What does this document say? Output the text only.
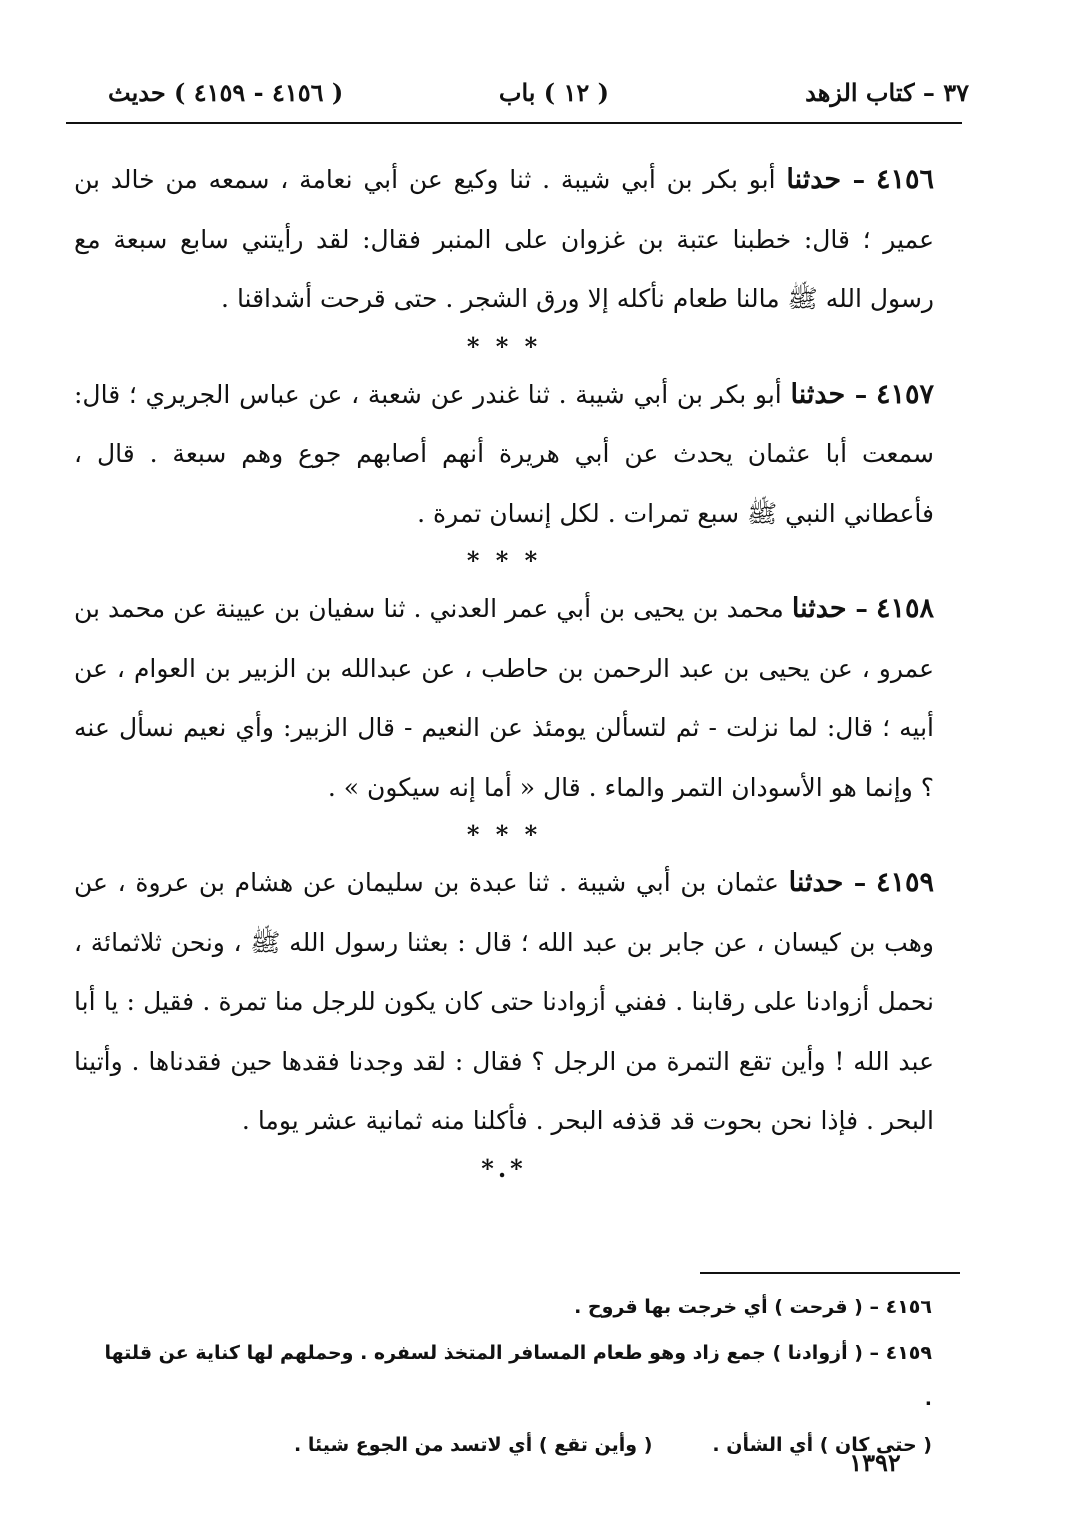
٣٧ – كتاب الزهد
( ١٢ ) باب
( ٤١٥٦ - ٤١٥٩ ) حديث

٤١٥٦ – حدثنا أبو بكر بن أبي شيبة . ثنا وكيع عن أبي نعامة ، سمعه من خالد بن عمير ؛ قال: خطبنا عتبة بن غزوان على المنبر فقال: لقد رأيتني سابع سبعة مع رسول الله ﷺ مالنا طعام نأكله إلا ورق الشجر . حتى قرحت أشداقنا .

* * *

٤١٥٧ – حدثنا أبو بكر بن أبي شيبة . ثنا غندر عن شعبة ، عن عباس الجريري ؛ قال: سمعت أبا عثمان يحدث عن أبي هريرة أنهم أصابهم جوع وهم سبعة . قال ، فأعطاني النبي ﷺ سبع تمرات . لكل إنسان تمرة .

* * *

٤١٥٨ – حدثنا محمد بن يحيى بن أبي عمر العدني . ثنا سفيان بن عيينة عن محمد بن عمرو ، عن يحيى بن عبد الرحمن بن حاطب ، عن عبدالله بن الزبير بن العوام ، عن أبيه ؛ قال: لما نزلت - ثم لتسألن يومئذ عن النعيم - قال الزبير: وأي نعيم نسأل عنه ؟ وإنما هو الأسودان التمر والماء . قال « أما إنه سيكون » .

* * *

٤١٥٩ – حدثنا عثمان بن أبي شيبة . ثنا عبدة بن سليمان عن هشام بن عروة ، عن وهب بن كيسان ، عن جابر بن عبد الله ؛ قال : بعثنا رسول الله ﷺ ، ونحن ثلاثمائة ، نحمل أزوادنا على رقابنا . ففني أزوادنا حتى كان يكون للرجل منا تمرة . فقيل : يا أبا عبد الله ! وأين تقع التمرة من الرجل ؟ فقال : لقد وجدنا فقدها حين فقدناها . وأتينا البحر . فإذا نحن بحوت قد قذفه البحر . فأكلنا منه ثمانية عشر يوما .

*.*

٤١٥٦ – ( قرحت ) أي خرجت بها قروح .

٤١٥٩ – ( أزوادنا ) جمع زاد وهو طعام المسافر المتخذ لسفره . وحملهم لها كناية عن قلتها .

( حتى كان ) أي الشأن .( وأين تقع ) أي لاتسد من الجوع شيئا .

١٣٩٢
